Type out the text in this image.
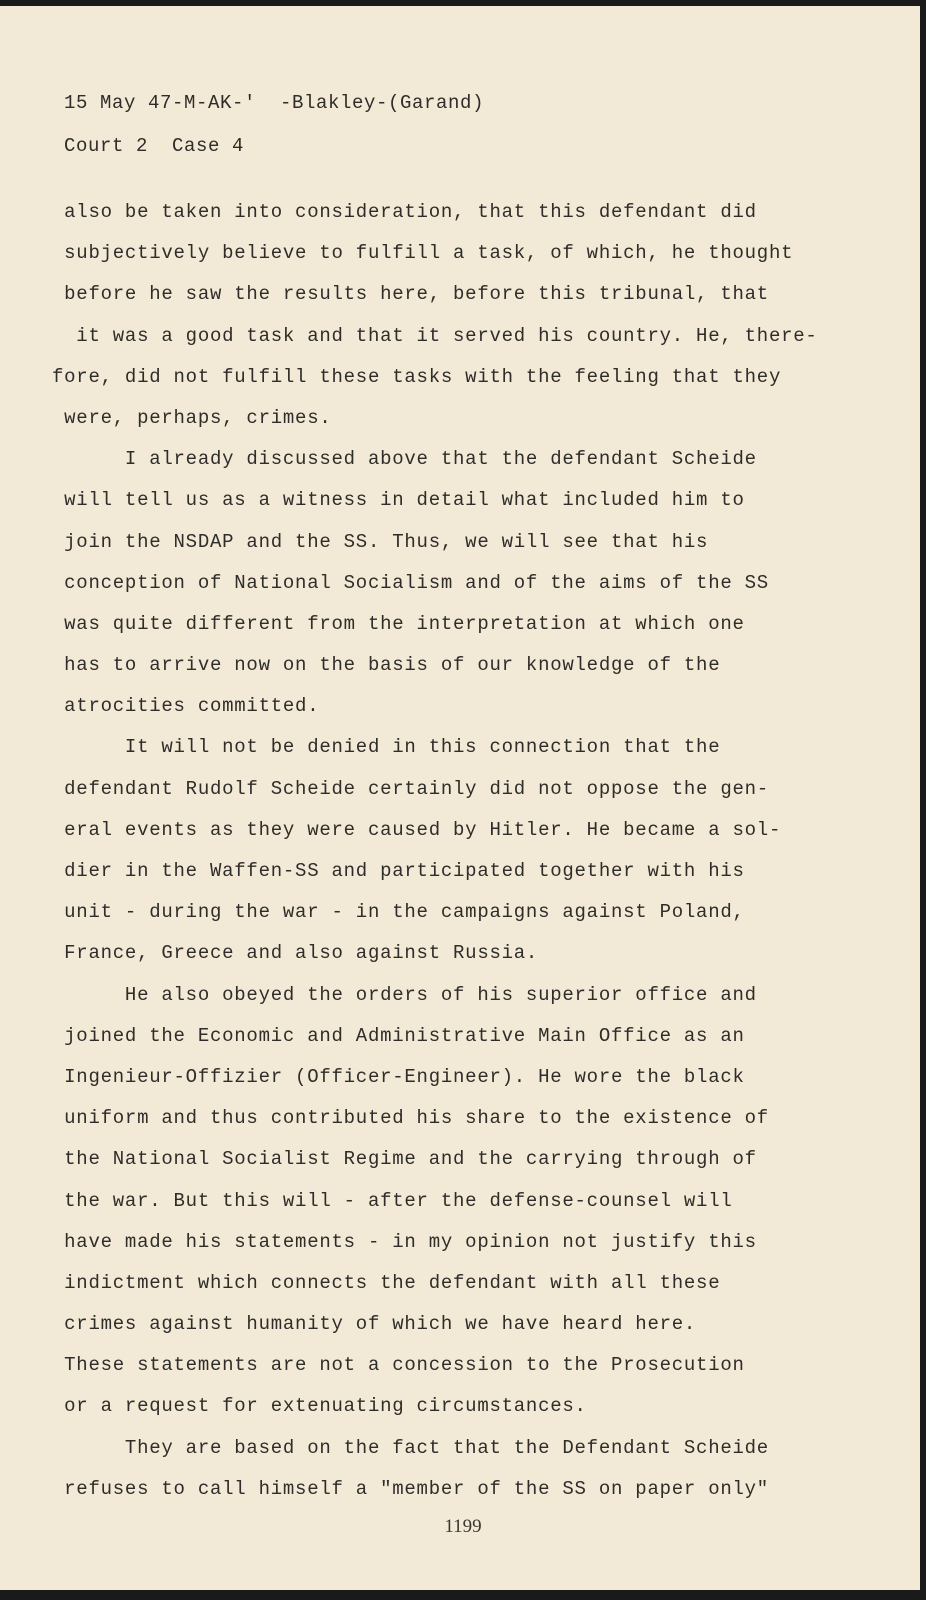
15 May 47-M-AK-'  -Blakley-(Garand)
Court 2  Case 4
also be taken into consideration, that this defendant did
subjectively believe to fulfill a task, of which, he thought
before he saw the results here, before this tribunal, that
it was a good task and that it served his country. He, there-
fore, did not fulfill these tasks with the feeling that they
were, perhaps, crimes.
I already discussed above that the defendant Scheide
will tell us as a witness in detail what included him to
join the NSDAP and the SS. Thus, we will see that his
conception of National Socialism and of the aims of the SS
was quite different from the interpretation at which one
has to arrive now on the basis of our knowledge of the
atrocities committed.
It will not be denied in this connection that the
defendant Rudolf Scheide certainly did not oppose the gen-
eral events as they were caused by Hitler. He became a sol-
dier in the Waffen-SS and participated together with his
unit - during the war - in the campaigns against Poland,
France, Greece and also against Russia.
He also obeyed the orders of his superior office and
joined the Economic and Administrative Main Office as an
Ingenieur-Offizier (Officer-Engineer). He wore the black
uniform and thus contributed his share to the existence of
the National Socialist Regime and the carrying through of
the war. But this will - after the defense-counsel will
have made his statements - in my opinion not justify this
indictment which connects the defendant with all these
crimes against humanity of which we have heard here.
These statements are not a concession to the Prosecution
or a request for extenuating circumstances.
They are based on the fact that the Defendant Scheide
refuses to call himself a "member of the SS on paper only"
1199
